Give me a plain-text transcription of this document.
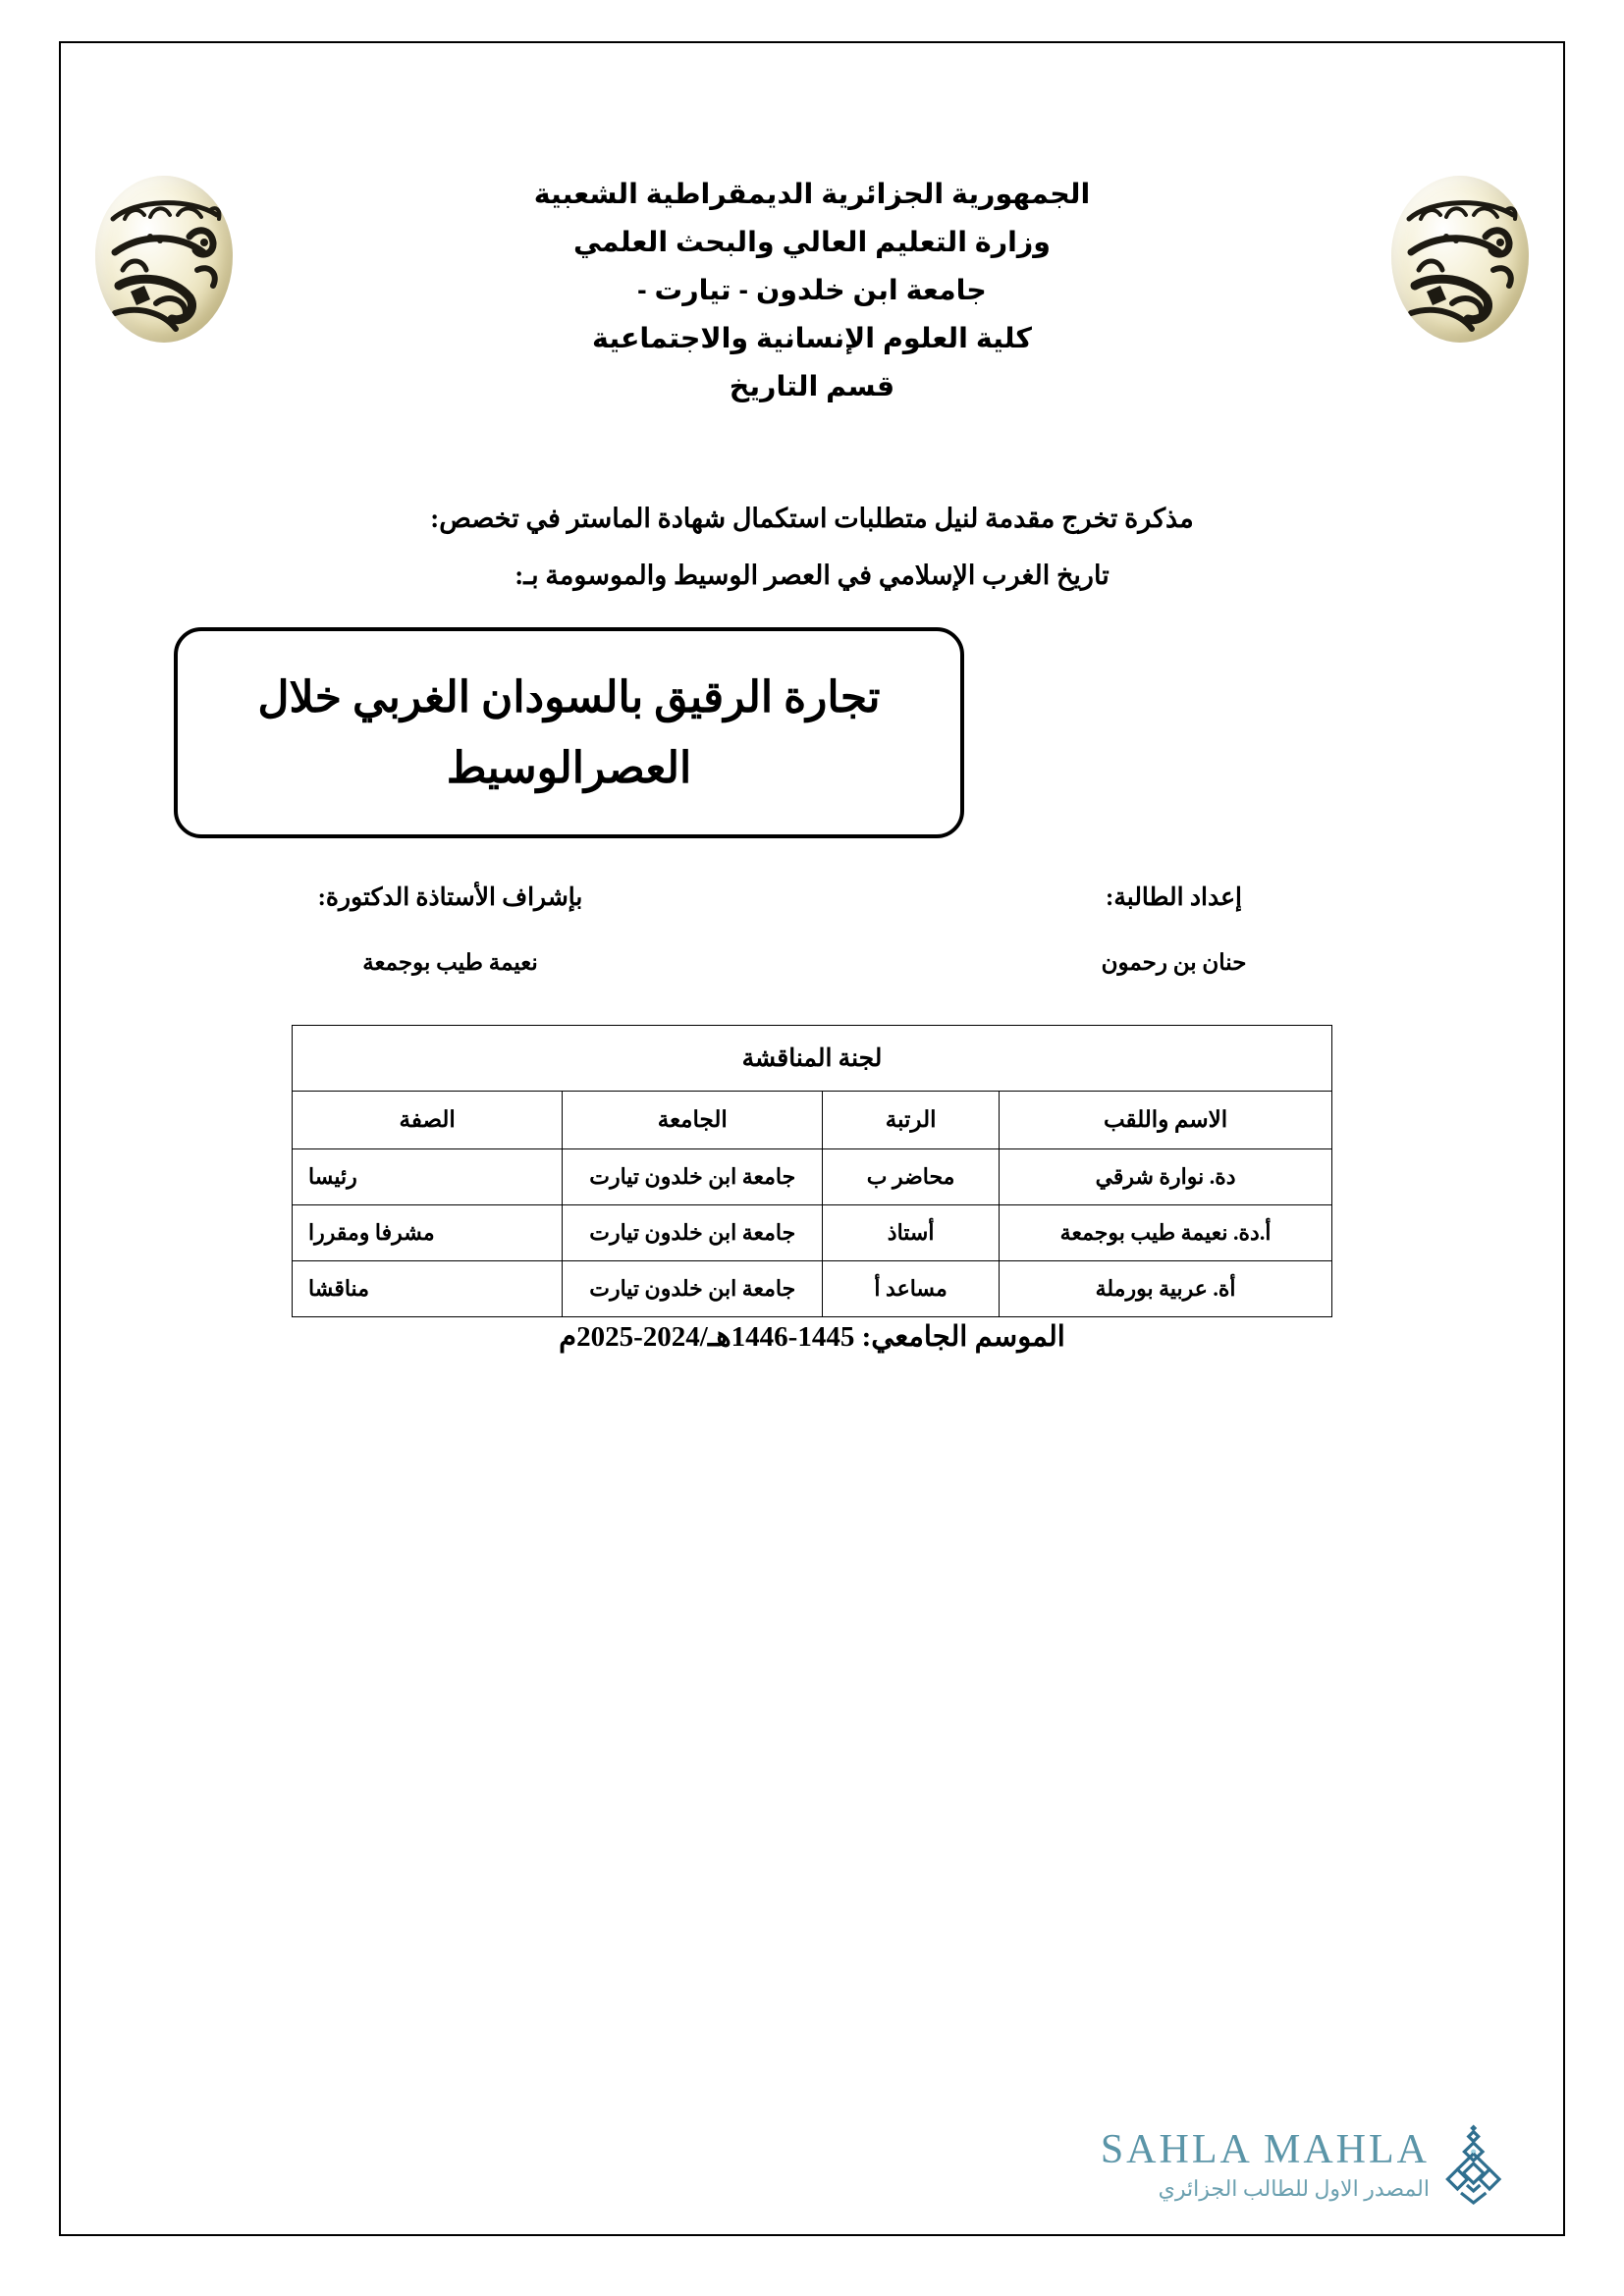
الجمهورية الجزائرية الديمقراطية الشعبية
وزارة التعليم العالي والبحث العلمي
جامعة ابن خلدون - تيارت -
كلية العلوم الإنسانية والاجتماعية
قسم التاريخ
مذكرة تخرج مقدمة لنيل متطلبات استكمال شهادة الماستر في تخصص:
تاريخ الغرب الإسلامي في العصر الوسيط والموسومة بـ:
تجارة الرقيق بالسودان الغربي خلال
العصرالوسيط
إعداد الطالبة:
حنان بن رحمون
بإشراف الأستاذة الدكتورة:
نعيمة طيب بوجمعة
لجنة المناقشة			
الاسم واللقب	الرتبة	الجامعة	الصفة
دة. نوارة شرقي	محاضر ب	جامعة ابن خلدون تيارت	رئيسا
أ.دة. نعيمة طيب بوجمعة	أستاذ	جامعة ابن خلدون تيارت	مشرفا ومقررا
أة. عربية بورملة	مساعد أ	جامعة ابن خلدون تيارت	مناقشا
الموسم الجامعي: 1445-1446هـ/2024-2025م
SAHLA MAHLA
المصدر الاول للطالب الجزائري
